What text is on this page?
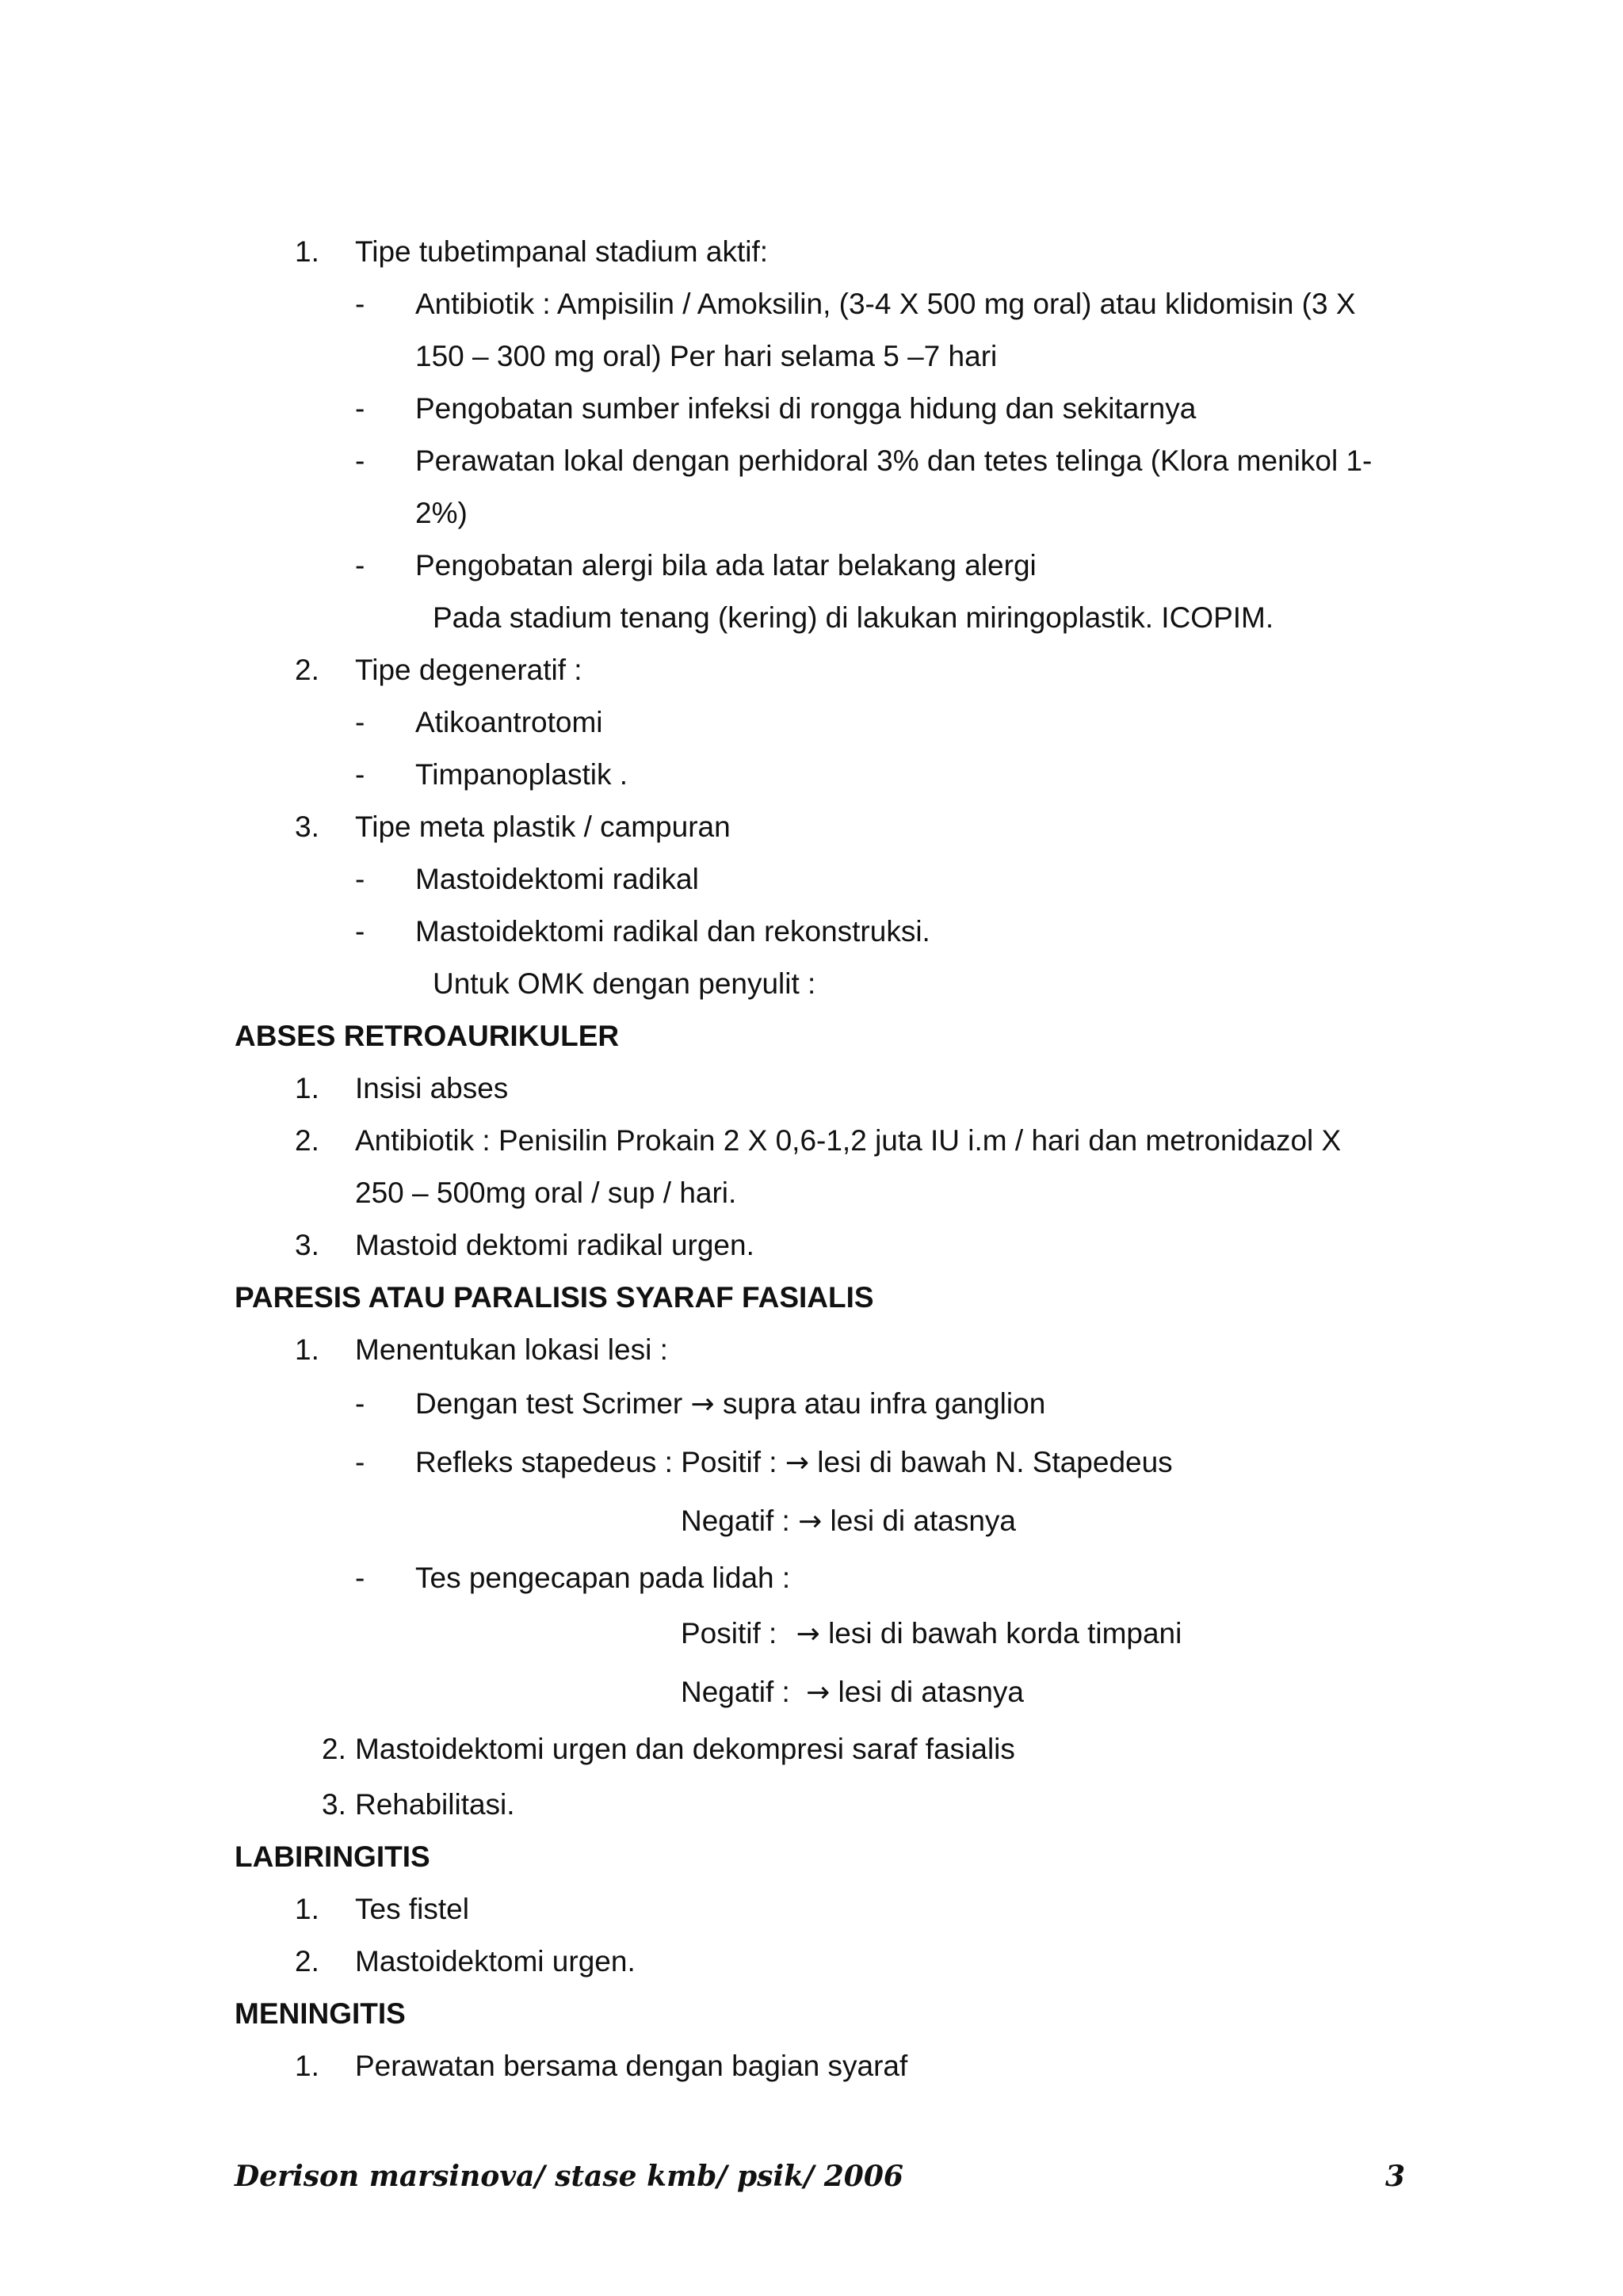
1. Tipe tubetimpanal stadium aktif:
- Antibiotik : Ampisilin / Amoksilin, (3-4 X 500 mg oral) atau klidomisin (3 X
150 – 300 mg oral) Per hari selama 5 –7 hari
- Pengobatan sumber infeksi di rongga hidung dan sekitarnya
- Perawatan lokal dengan perhidoral 3% dan tetes telinga (Klora menikol 1-
2%)
- Pengobatan alergi bila ada latar belakang alergi
Pada stadium tenang (kering) di lakukan miringoplastik. ICOPIM.
2. Tipe degeneratif :
- Atikoantrotomi
- Timpanoplastik .
3. Tipe meta plastik / campuran
- Mastoidektomi radikal
- Mastoidektomi radikal dan rekonstruksi.
Untuk OMK dengan penyulit :
ABSES RETROAURIKULER
1. Insisi abses
2. Antibiotik : Penisilin Prokain 2 X 0,6-1,2 juta IU i.m / hari dan metronidazol X
250 – 500mg oral / sup / hari.
3. Mastoid dektomi radikal urgen.
PARESIS ATAU PARALISIS SYARAF FASIALIS
1. Menentukan lokasi lesi :
- Dengan test Scrimer → supra atau infra ganglion
- Refleks stapedeus : Positif : → lesi di bawah N. Stapedeus
Negatif : → lesi di atasnya
- Tes pengecapan pada lidah :
Positif : → lesi di bawah korda timpani
Negatif : → lesi di atasnya
2. Mastoidektomi urgen dan dekompresi saraf fasialis
3. Rehabilitasi.
LABIRINGITIS
1. Tes fistel
2. Mastoidektomi urgen.
MENINGITIS
1. Perawatan bersama dengan bagian syaraf
Derison marsinova/ stase kmb/ psik/ 2006	3
